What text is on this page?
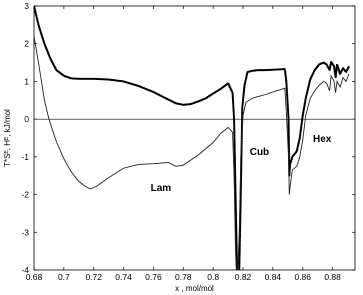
0.68 0.7 0.72 0.74 0.76 0.78 0.8 0.82 0.84 0.86 0.88
-4
-3
-2
-1
0
1
2
3
Lam
Cub
Hex
T*Sᴱ, Hᴱ, kJ/mol
x , mol/mol
